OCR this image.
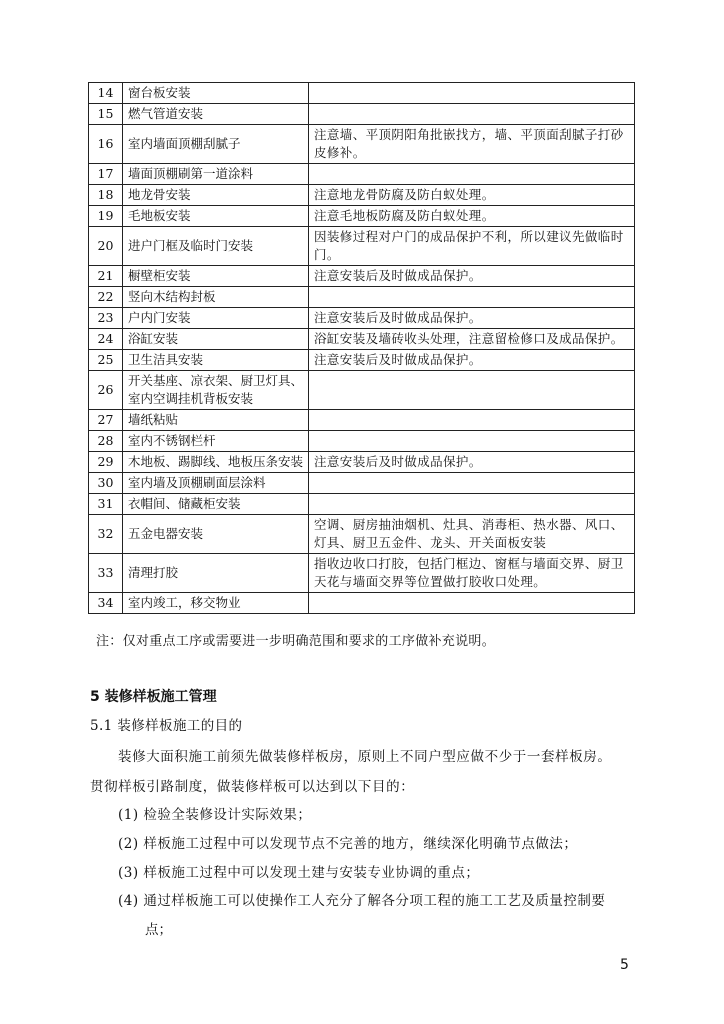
14	窗台板安装	
15	燃气管道安装	
16	室内墙面顶棚刮腻子	注意墙、平顶阴阳角批嵌找方，墙、平顶面刮腻子打砂皮修补。
17	墙面顶棚刷第一道涂料	
18	地龙骨安装	注意地龙骨防腐及防白蚁处理。
19	毛地板安装	注意毛地板防腐及防白蚁处理。
20	进户门框及临时门安装	因装修过程对户门的成品保护不利，所以建议先做临时门。
21	橱壁柜安装	注意安装后及时做成品保护。
22	竖向木结构封板	
23	户内门安装	注意安装后及时做成品保护。
24	浴缸安装	浴缸安装及墙砖收头处理，注意留检修口及成品保护。
25	卫生洁具安装	注意安装后及时做成品保护。
26	开关基座、凉衣架、厨卫灯具、室内空调挂机背板安装	
27	墙纸粘贴	
28	室内不锈钢栏杆	
29	木地板、踢脚线、地板压条安装	注意安装后及时做成品保护。
30	室内墙及顶棚刷面层涂料	
31	衣帽间、储藏柜安装	
32	五金电器安装	空调、厨房抽油烟机、灶具、消毒柜、热水器、风口、灯具、厨卫五金件、龙头、开关面板安装
33	清理打胶	指收边收口打胶，包括门框边、窗框与墙面交界、厨卫天花与墙面交界等位置做打胶收口处理。
34	室内竣工，移交物业	
注：仅对重点工序或需要进一步明确范围和要求的工序做补充说明。
5 装修样板施工管理
5.1 装修样板施工的目的
装修大面积施工前须先做装修样板房，原则上不同户型应做不少于一套样板房。
贯彻样板引路制度，做装修样板可以达到以下目的：
(1) 检验全装修设计实际效果；
(2) 样板施工过程中可以发现节点不完善的地方，继续深化明确节点做法；
(3) 样板施工过程中可以发现土建与安装专业协调的重点；
(4) 通过样板施工可以使操作工人充分了解各分项工程的施工工艺及质量控制要
点；
5
